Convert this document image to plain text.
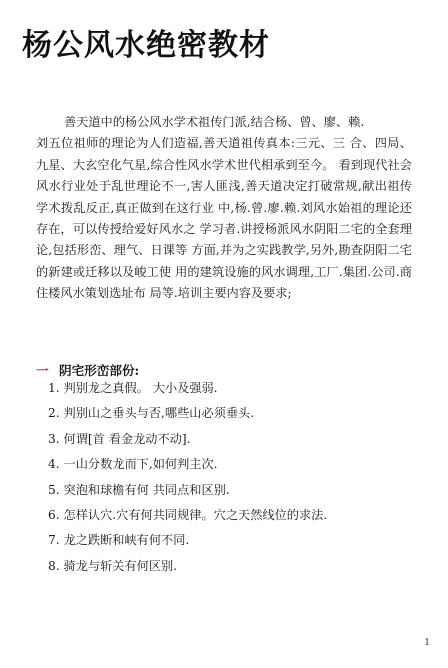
杨公风水绝密教材

善天道中的杨公风水学术祖传门派,结合杨、曾、廖、赖.

刘五位祖师的理论为人们造福,善天道祖传真本:三元、三 合、四局、九星、大玄空化气星,综合性风水学术世代相承到至今。 看到现代社会风水行业处于乱世理论不一,害人匪浅,善天道决定打破常规,献出祖传学术拨乱反正,真正做到在这行业 中,杨.曾.廖.赖.刘风水始祖的理论还存在，可以传授给爱好风水之 学习者.讲授杨派风水阴阳二宅的全套理论,包括形峦、理气、日课等 方面,并为之实践教学,另外,勘查阴阳二宅的新建或迁移以及峻工使 用的建筑设施的风水调理,工厂.集团.公司.商住楼风水策划选址布 局等.培训主要内容及要求;

一 阴宅形峦部份:
1. 判别龙之真假。 大小及强弱.
2. 判别山之垂头与否,哪些山必须垂头.
3. 何谓[首 看金龙动不动].
4. 一山分数龙而下,如何判主次.
5. 突泡和球檐有何 共同点和区别.
6. 怎样认穴.穴有何共同规律。穴之天然线位的求法.
7. 龙之跌断和峡有何不同.
8. 骑龙与斩关有何区别.
1
